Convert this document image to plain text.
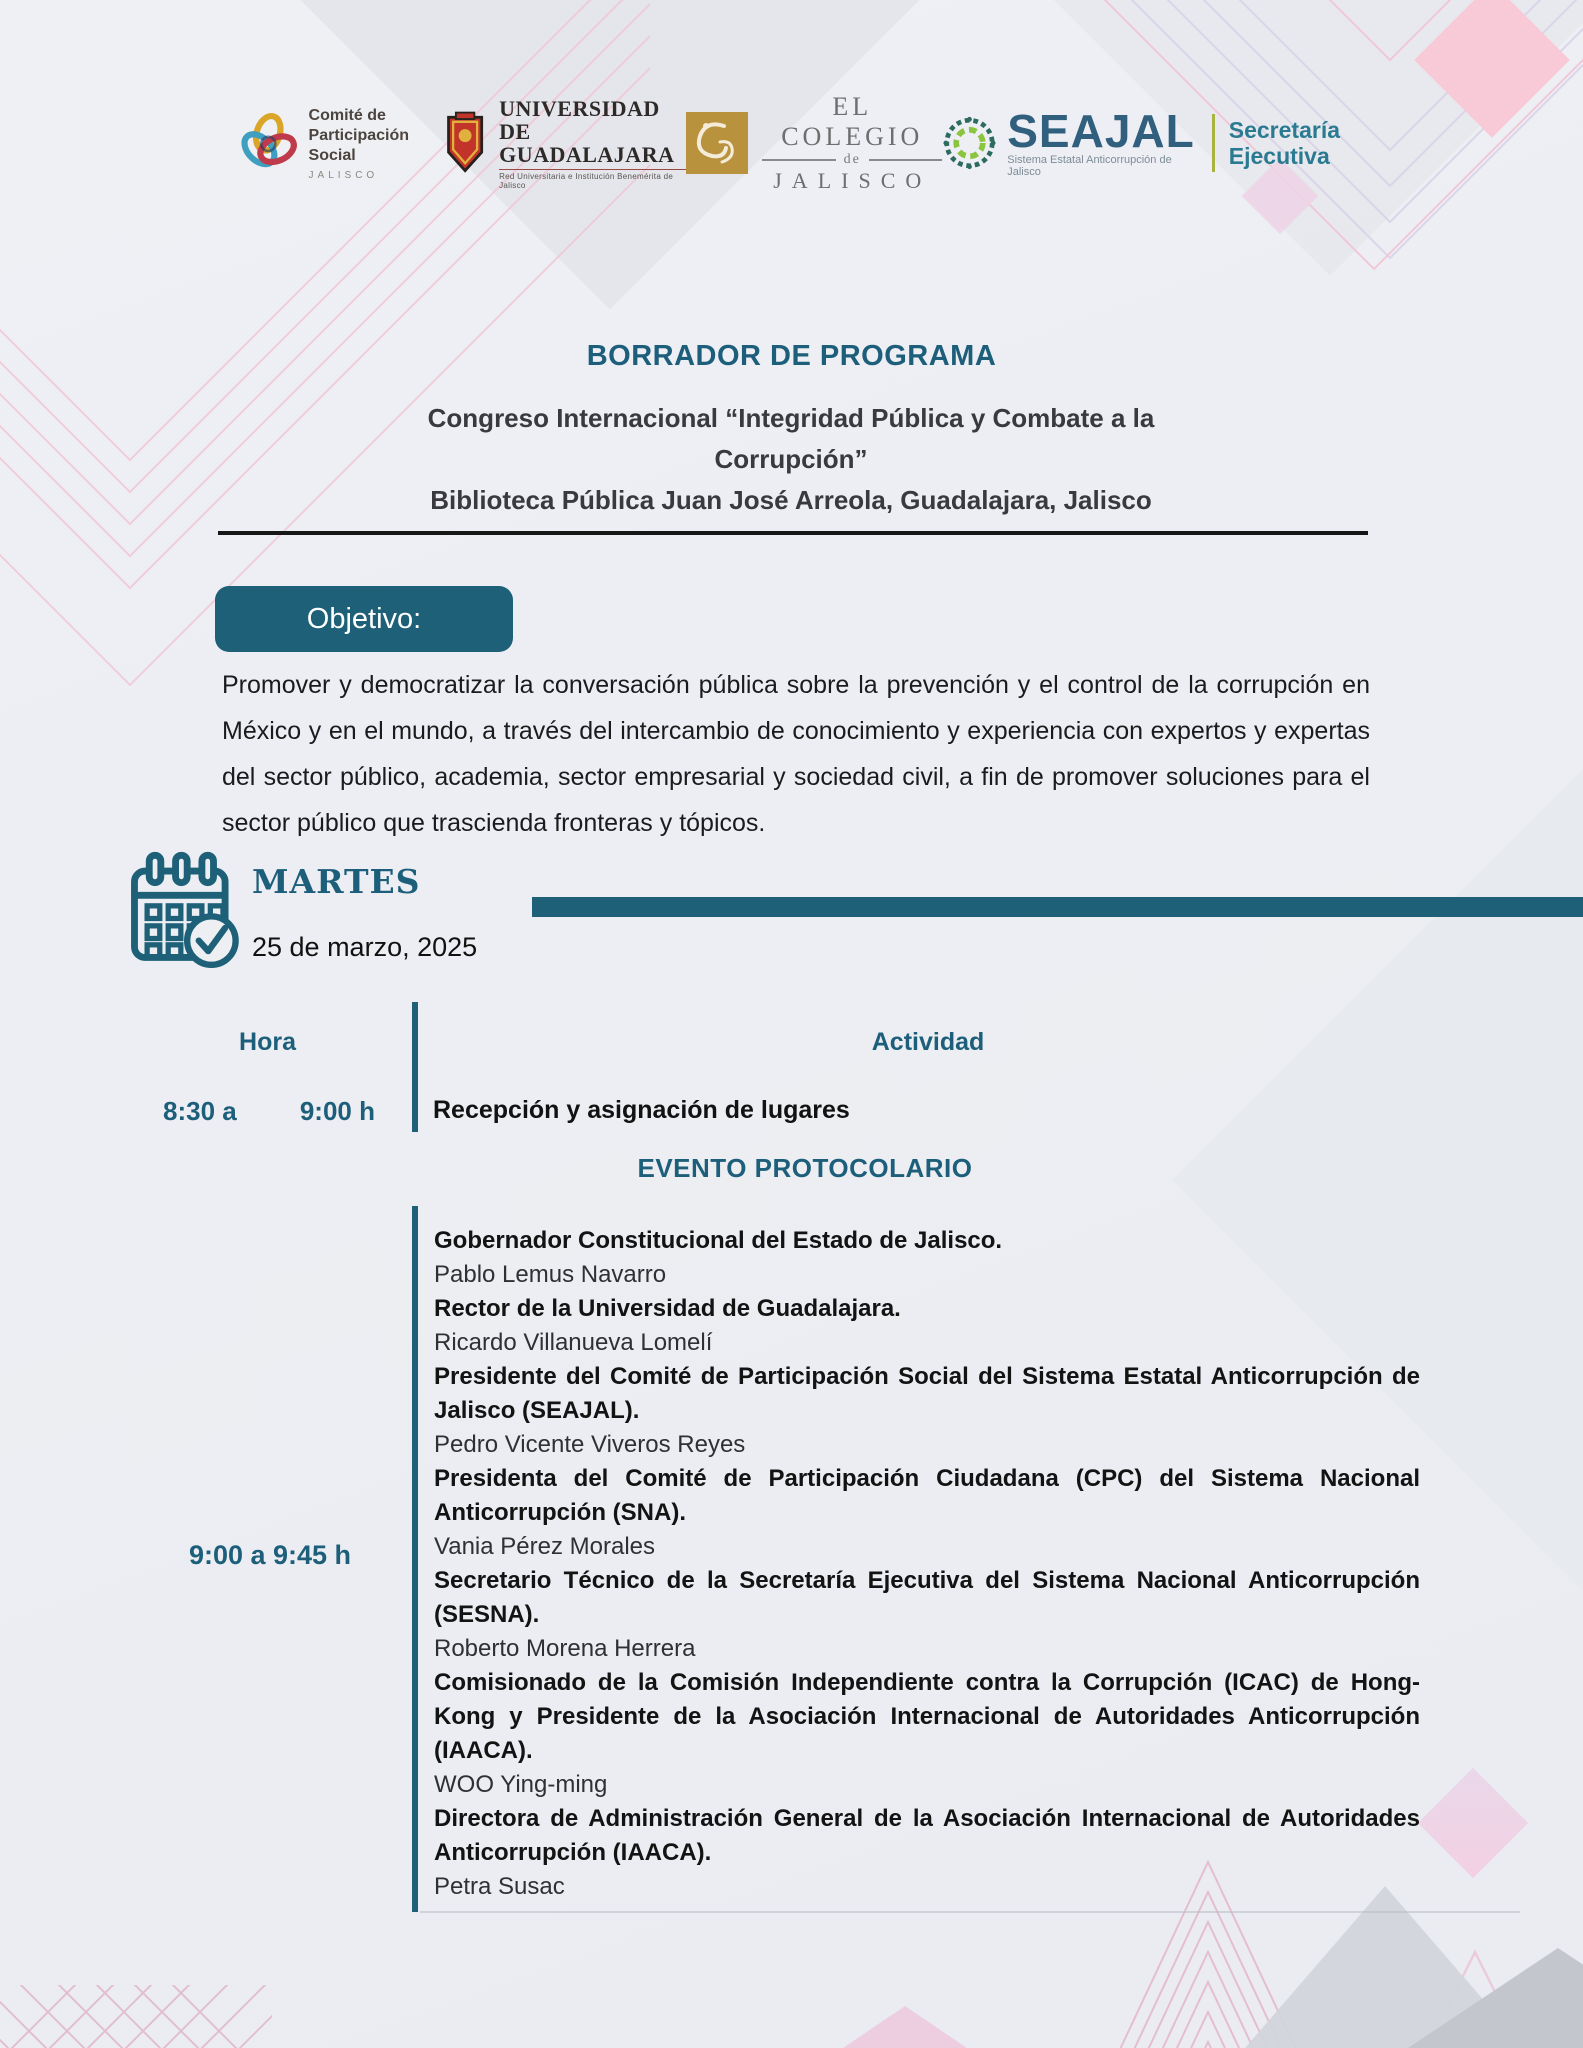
Comité de
Participación Social
JALISCO
UNIVERSIDAD DE
GUADALAJARA
Red Universitaria e Institución Benemérita de Jalisco
EL COLEGIO
de
JALISCO
SEAJAL
Sistema Estatal Anticorrupción de Jalisco
Secretaría
Ejecutiva
BORRADOR DE PROGRAMA
Congreso Internacional “Integridad Pública y Combate a la
Corrupción”
Biblioteca Pública Juan José Arreola, Guadalajara, Jalisco
Objetivo:
Promover y democratizar la conversación pública sobre la prevención y el control de la corrupción en México y en el mundo, a través del intercambio de conocimiento y experiencia con expertos y expertas del sector público, academia, sector empresarial y sociedad civil, a fin de promover soluciones para el sector público que trascienda fronteras y tópicos.
MARTES
25 de marzo, 2025
Hora	Actividad
8:30 a 9:00 h Recepción y asignación de lugares
EVENTO PROTOCOLARIO
9:00 a 9:45 h
Gobernador Constitucional del Estado de Jalisco.
Pablo Lemus Navarro
Rector de la Universidad de Guadalajara.
Ricardo Villanueva Lomelí
Presidente del Comité de Participación Social del Sistema Estatal Anticorrupción de Jalisco (SEAJAL).
Pedro Vicente Viveros Reyes
Presidenta del Comité de Participación Ciudadana (CPC) del Sistema Nacional Anticorrupción (SNA).
Vania Pérez Morales
Secretario Técnico de la Secretaría Ejecutiva del Sistema Nacional Anticorrupción (SESNA).
Roberto Morena Herrera
Comisionado de la Comisión Independiente contra la Corrupción (ICAC) de Hong-Kong y Presidente de la Asociación Internacional de Autoridades Anticorrupción (IAACA).
WOO Ying-ming
Directora de Administración General de la Asociación Internacional de Autoridades Anticorrupción (IAACA).
Petra Susac
